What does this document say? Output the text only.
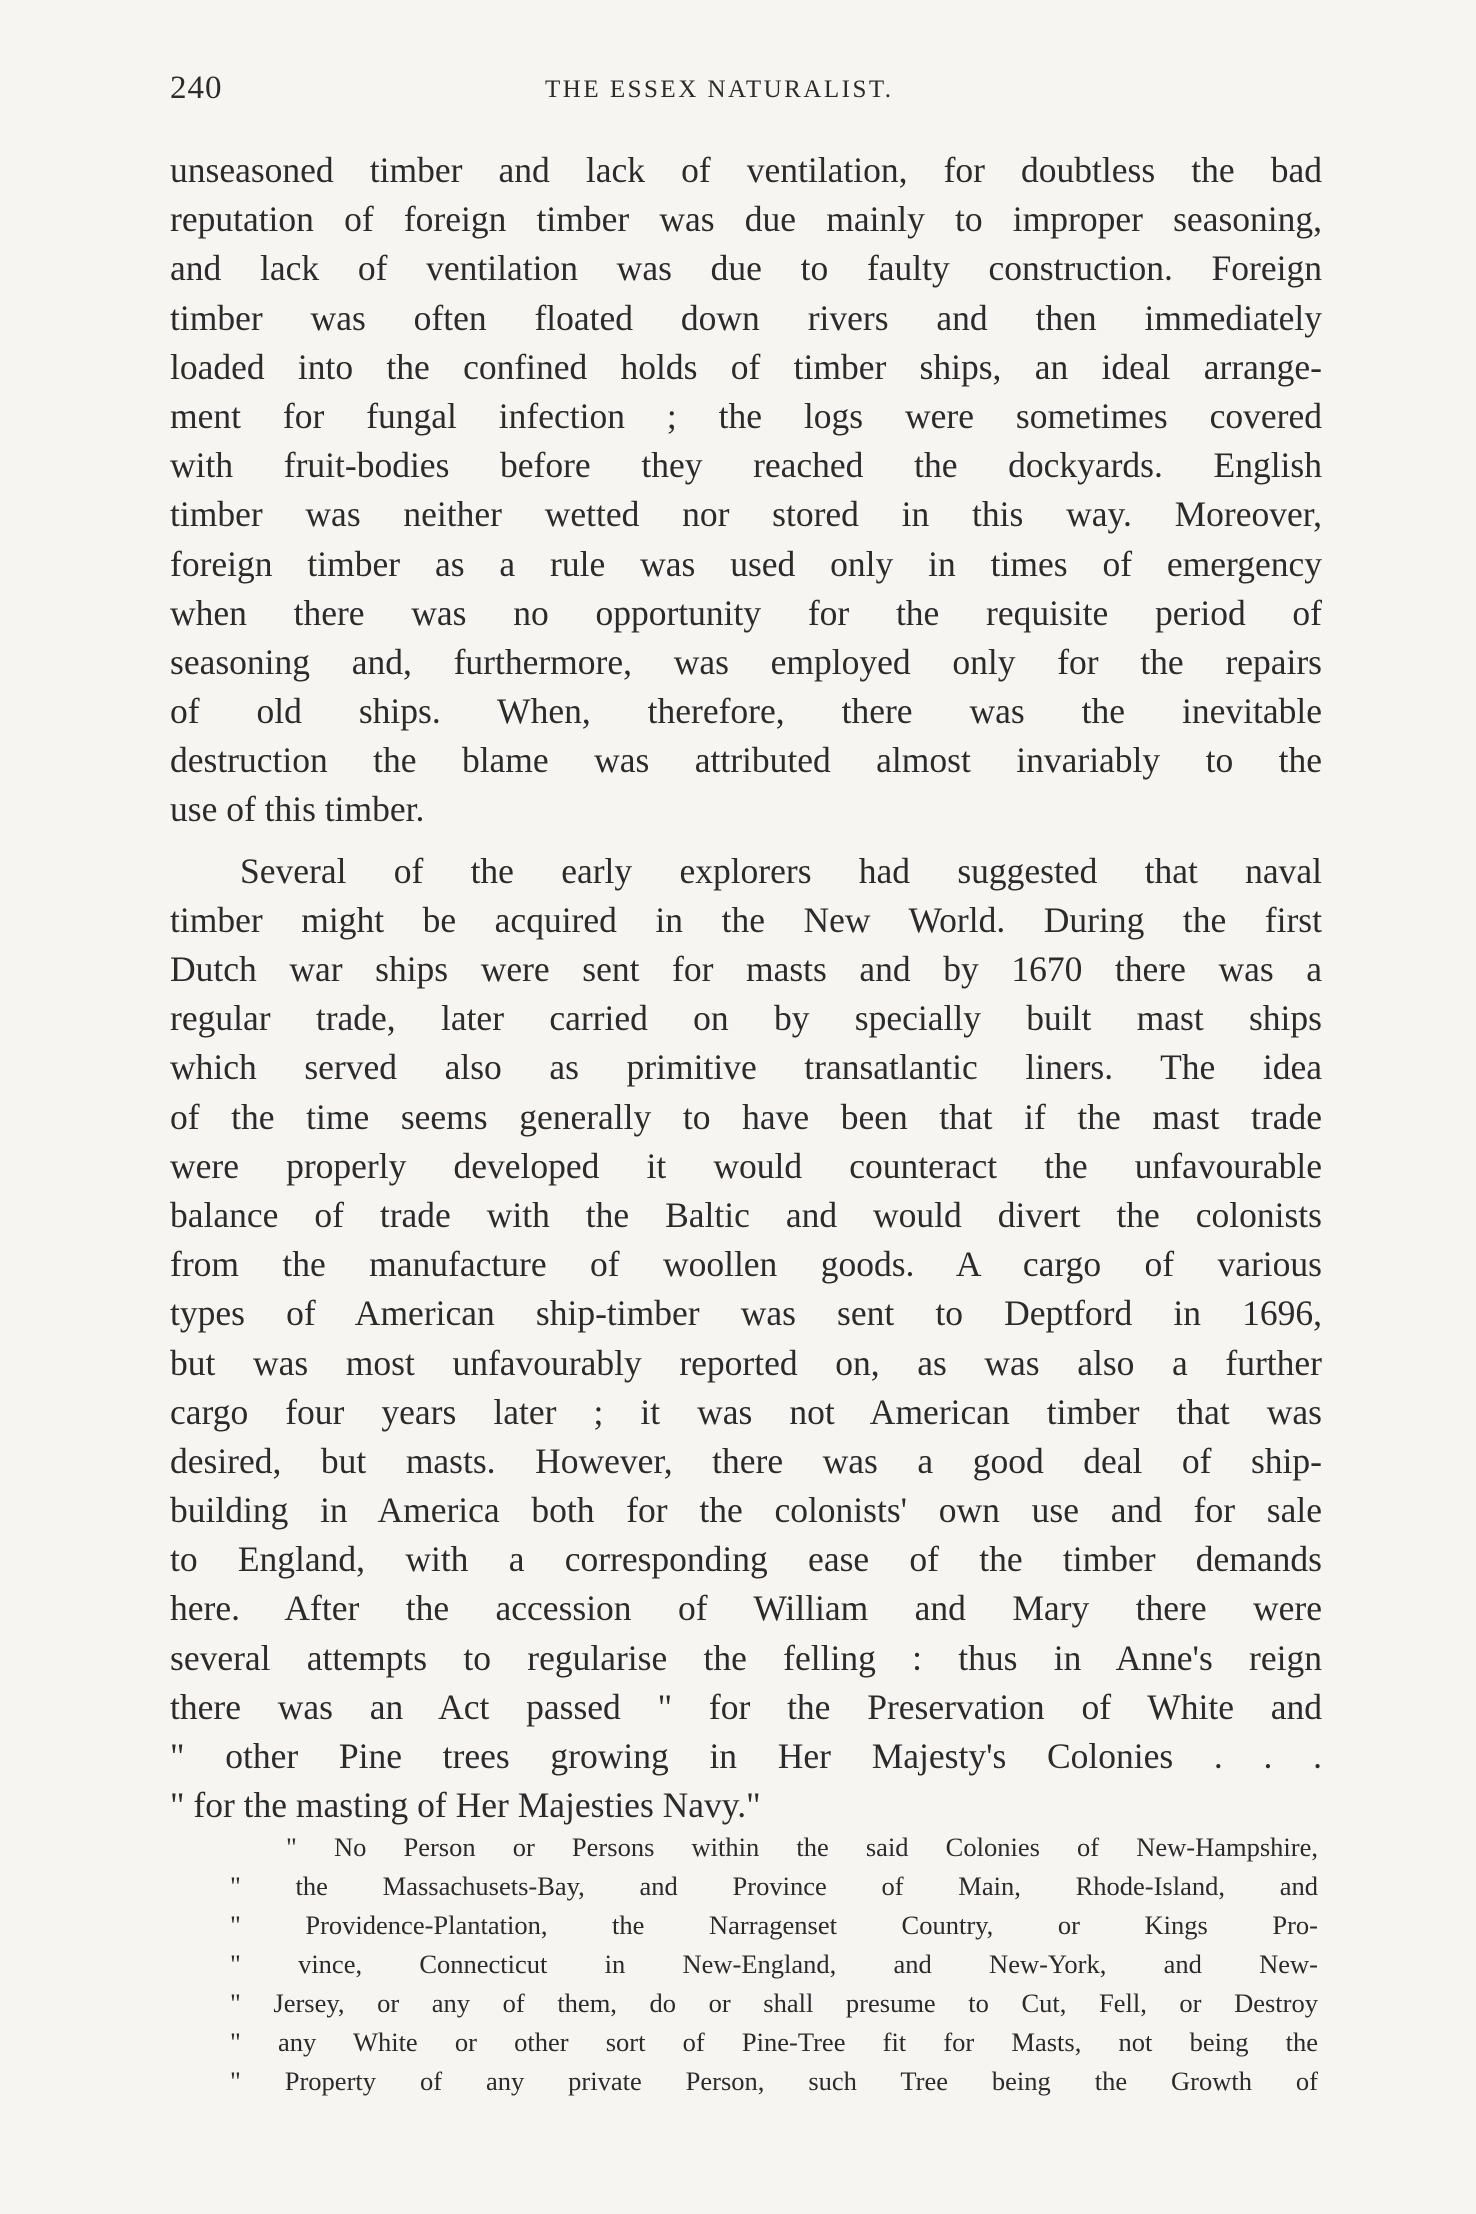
240	THE ESSEX NATURALIST.
unseasoned timber and lack of ventilation, for doubtless the bad
reputation of foreign timber was due mainly to improper seasoning,
and lack of ventilation was due to faulty construction. Foreign
timber was often floated down rivers and then immediately
loaded into the confined holds of timber ships, an ideal arrange-
ment for fungal infection ; the logs were sometimes covered
with fruit-bodies before they reached the dockyards. English
timber was neither wetted nor stored in this way. Moreover,
foreign timber as a rule was used only in times of emergency
when there was no opportunity for the requisite period of
seasoning and, furthermore, was employed only for the repairs
of old ships. When, therefore, there was the inevitable
destruction the blame was attributed almost invariably to the
use of this timber.
Several of the early explorers had suggested that naval
timber might be acquired in the New World. During the first
Dutch war ships were sent for masts and by 1670 there was a
regular trade, later carried on by specially built mast ships
which served also as primitive transatlantic liners. The idea
of the time seems generally to have been that if the mast trade
were properly developed it would counteract the unfavourable
balance of trade with the Baltic and would divert the colonists
from the manufacture of woollen goods. A cargo of various
types of American ship-timber was sent to Deptford in 1696,
but was most unfavourably reported on, as was also a further
cargo four years later ; it was not American timber that was
desired, but masts. However, there was a good deal of ship-
building in America both for the colonists' own use and for sale
to England, with a corresponding ease of the timber demands
here. After the accession of William and Mary there were
several attempts to regularise the felling : thus in Anne's reign
there was an Act passed " for the Preservation of White and
" other Pine trees growing in Her Majesty's Colonies . . .
" for the masting of Her Majesties Navy."
" No Person or Persons within the said Colonies of New-Hampshire,
" the Massachusets-Bay, and Province of Main, Rhode-Island, and
" Providence-Plantation, the Narragenset Country, or Kings Pro-
" vince, Connecticut in New-England, and New-York, and New-
" Jersey, or any of them, do or shall presume to Cut, Fell, or Destroy
" any White or other sort of Pine-Tree fit for Masts, not being the
" Property of any private Person, such Tree being the Growth of
